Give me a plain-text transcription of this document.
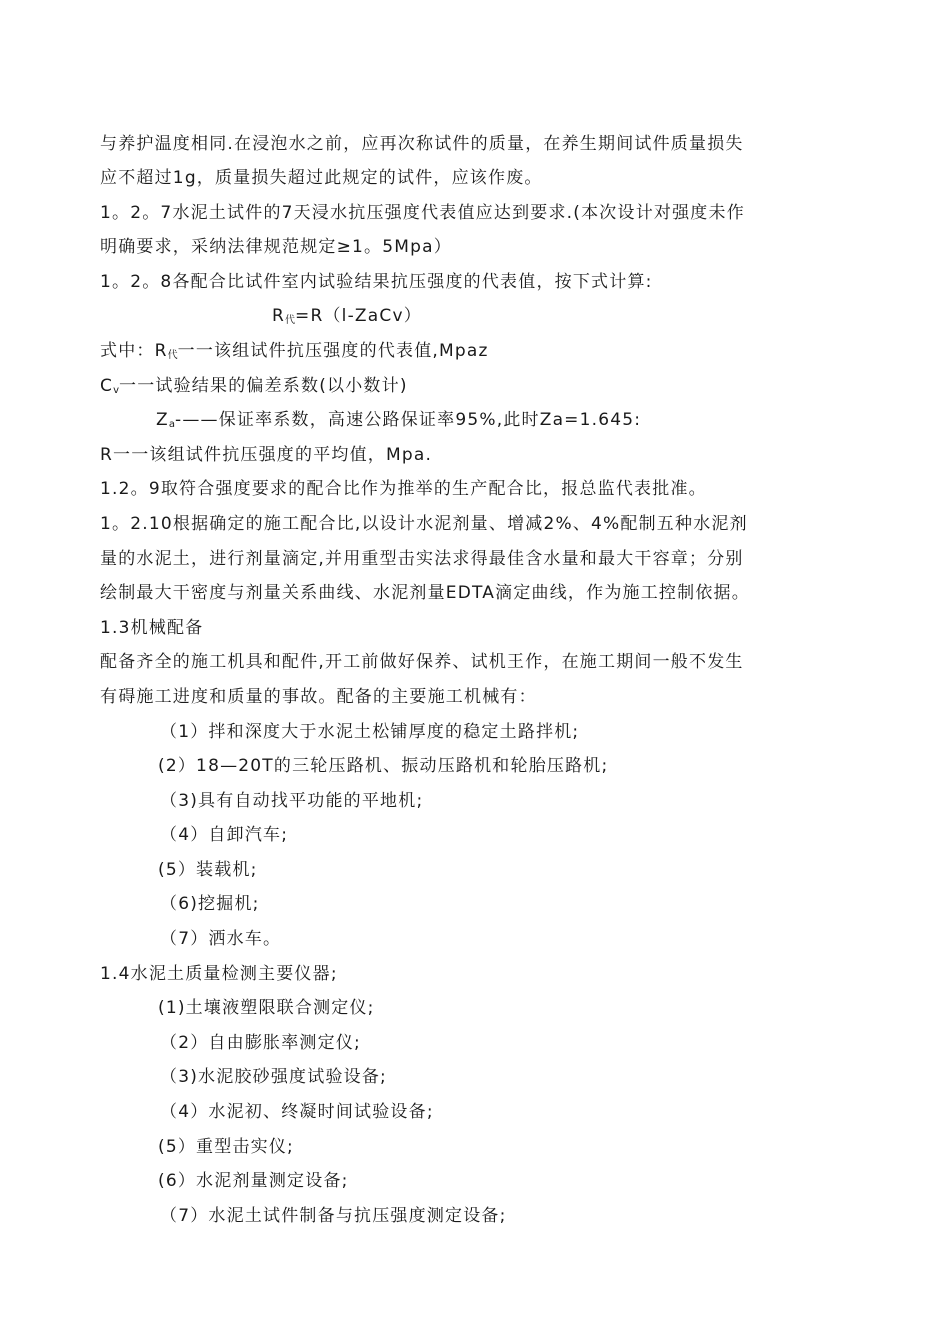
与养护温度相同.在浸泡水之前，应再次称试件的质量，在养生期间试件质量损失
应不超过1g，质量损失超过此规定的试件，应该作废。
1。2。7水泥土试件的7天浸水抗压强度代表值应达到要求.(本次设计对强度未作
明确要求，采纳法律规范规定≥1。5Mpa）
1。2。8各配合比试件室内试验结果抗压强度的代表值，按下式计算:
$R_代=R(l-ZaCv)$
式中：$R_代$一一该组试件抗压强度的代表值,Mpaz
$C_v$一一试验结果的偏差系数(以小数计)
$Z_a-——$保证率系数，高速公路保证率95%,此时Za=1.645:
R一一该组试件抗压强度的平均值，Mpa.
1.2。9取符合强度要求的配合比作为推举的生产配合比，报总监代表批准。
1。2.10根据确定的施工配合比,以设计水泥剂量、增减2%、4%配制五种水泥剂
量的水泥土，进行剂量滴定,并用重型击实法求得最佳含水量和最大干容章；分别
绘制最大干密度与剂量关系曲线、水泥剂量EDTA滴定曲线，作为施工控制依据。
1.3机械配备
配备齐全的施工机具和配件,开工前做好保养、试机王作，在施工期间一般不发生
有碍施工进度和质量的事故。配备的主要施工机械有：
（1）拌和深度大于水泥土松铺厚度的稳定土路拌机;
(2）18—20T的三轮压路机、振动压路机和轮胎压路机;
（3)具有自动找平功能的平地机;
（4）自卸汽车;
(5）装载机;
（6)挖掘机;
（7）洒水车。
1.4水泥土质量检测主要仪器;
(1)土壤液塑限联合测定仪;
（2）自由膨胀率测定仪;
（3)水泥胶砂强度试验设备;
（4）水泥初、终凝时间试验设备;
(5）重型击实仪;
(6）水泥剂量测定设备;
（7）水泥土试件制备与抗压强度测定设备;
